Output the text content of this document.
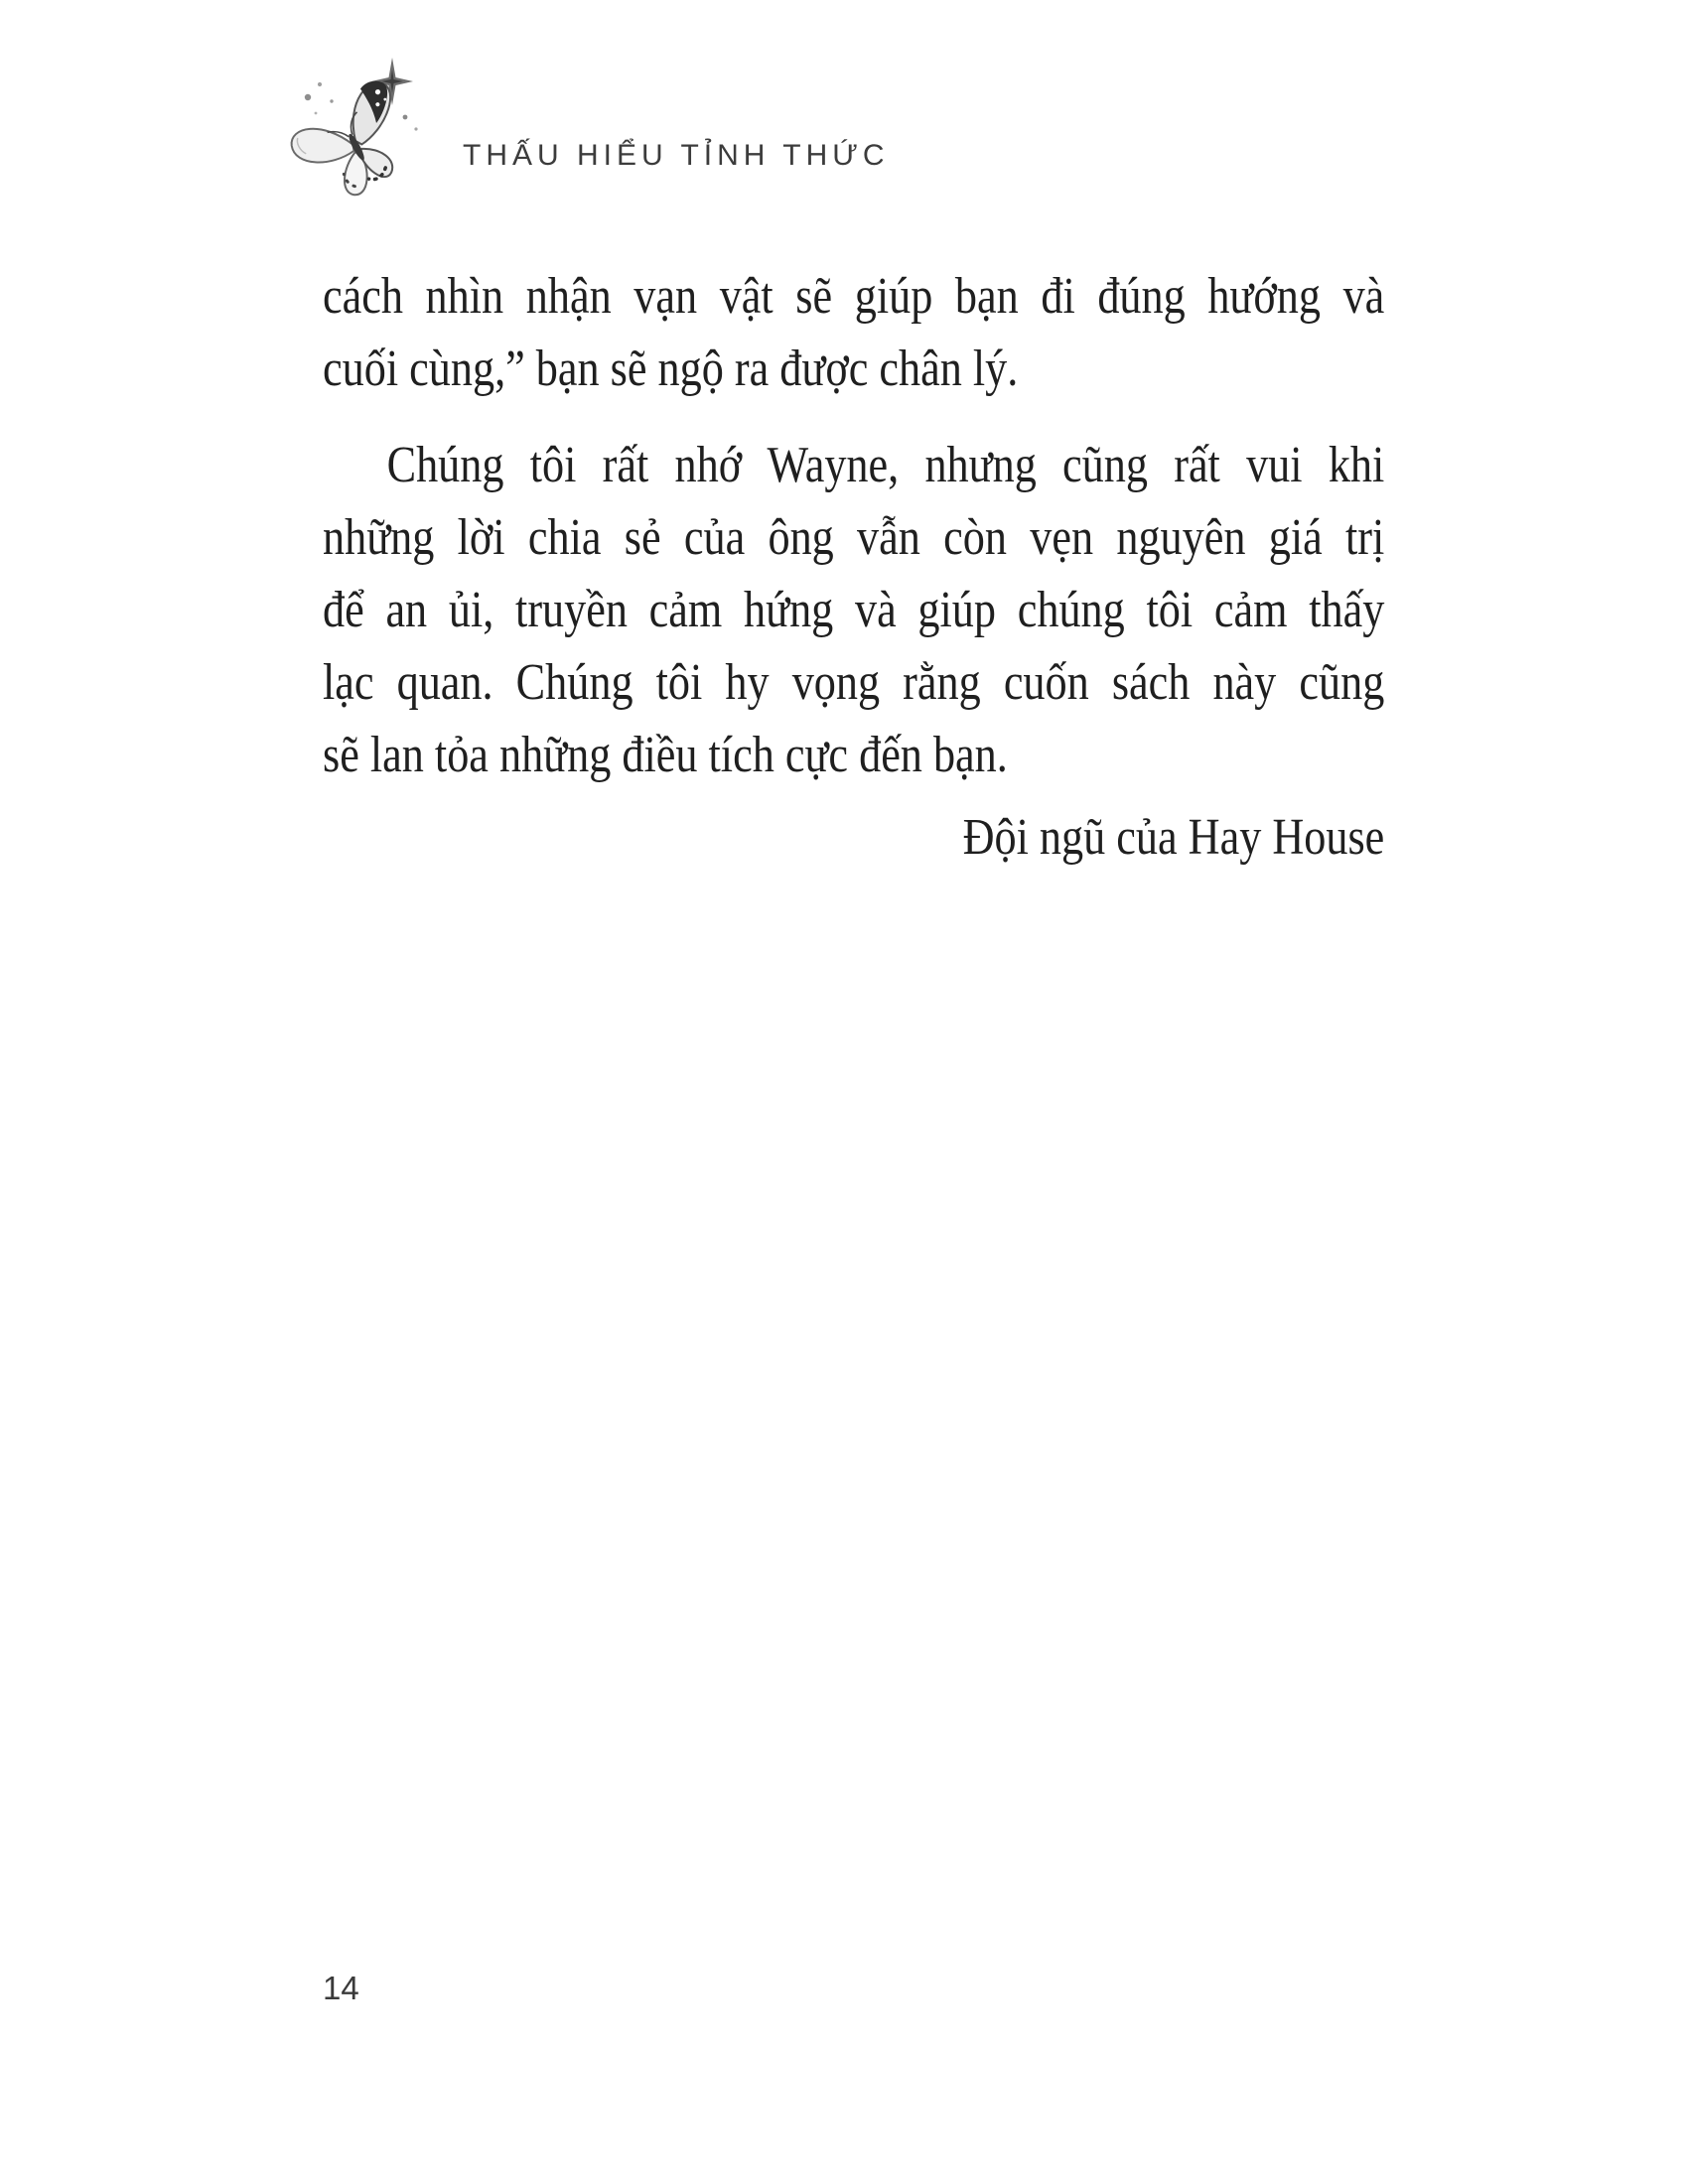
THẤU HIỂU TỈNH THỨC
cách nhìn nhận vạn vật sẽ giúp bạn đi đúng hướng và
cuối cùng,” bạn sẽ ngộ ra được chân lý.
Chúng tôi rất nhớ Wayne, nhưng cũng rất vui khi
những lời chia sẻ của ông vẫn còn vẹn nguyên giá trị
để an ủi, truyền cảm hứng và giúp chúng tôi cảm thấy
lạc quan. Chúng tôi hy vọng rằng cuốn sách này cũng
sẽ lan tỏa những điều tích cực đến bạn.
Đội ngũ của Hay House
14
